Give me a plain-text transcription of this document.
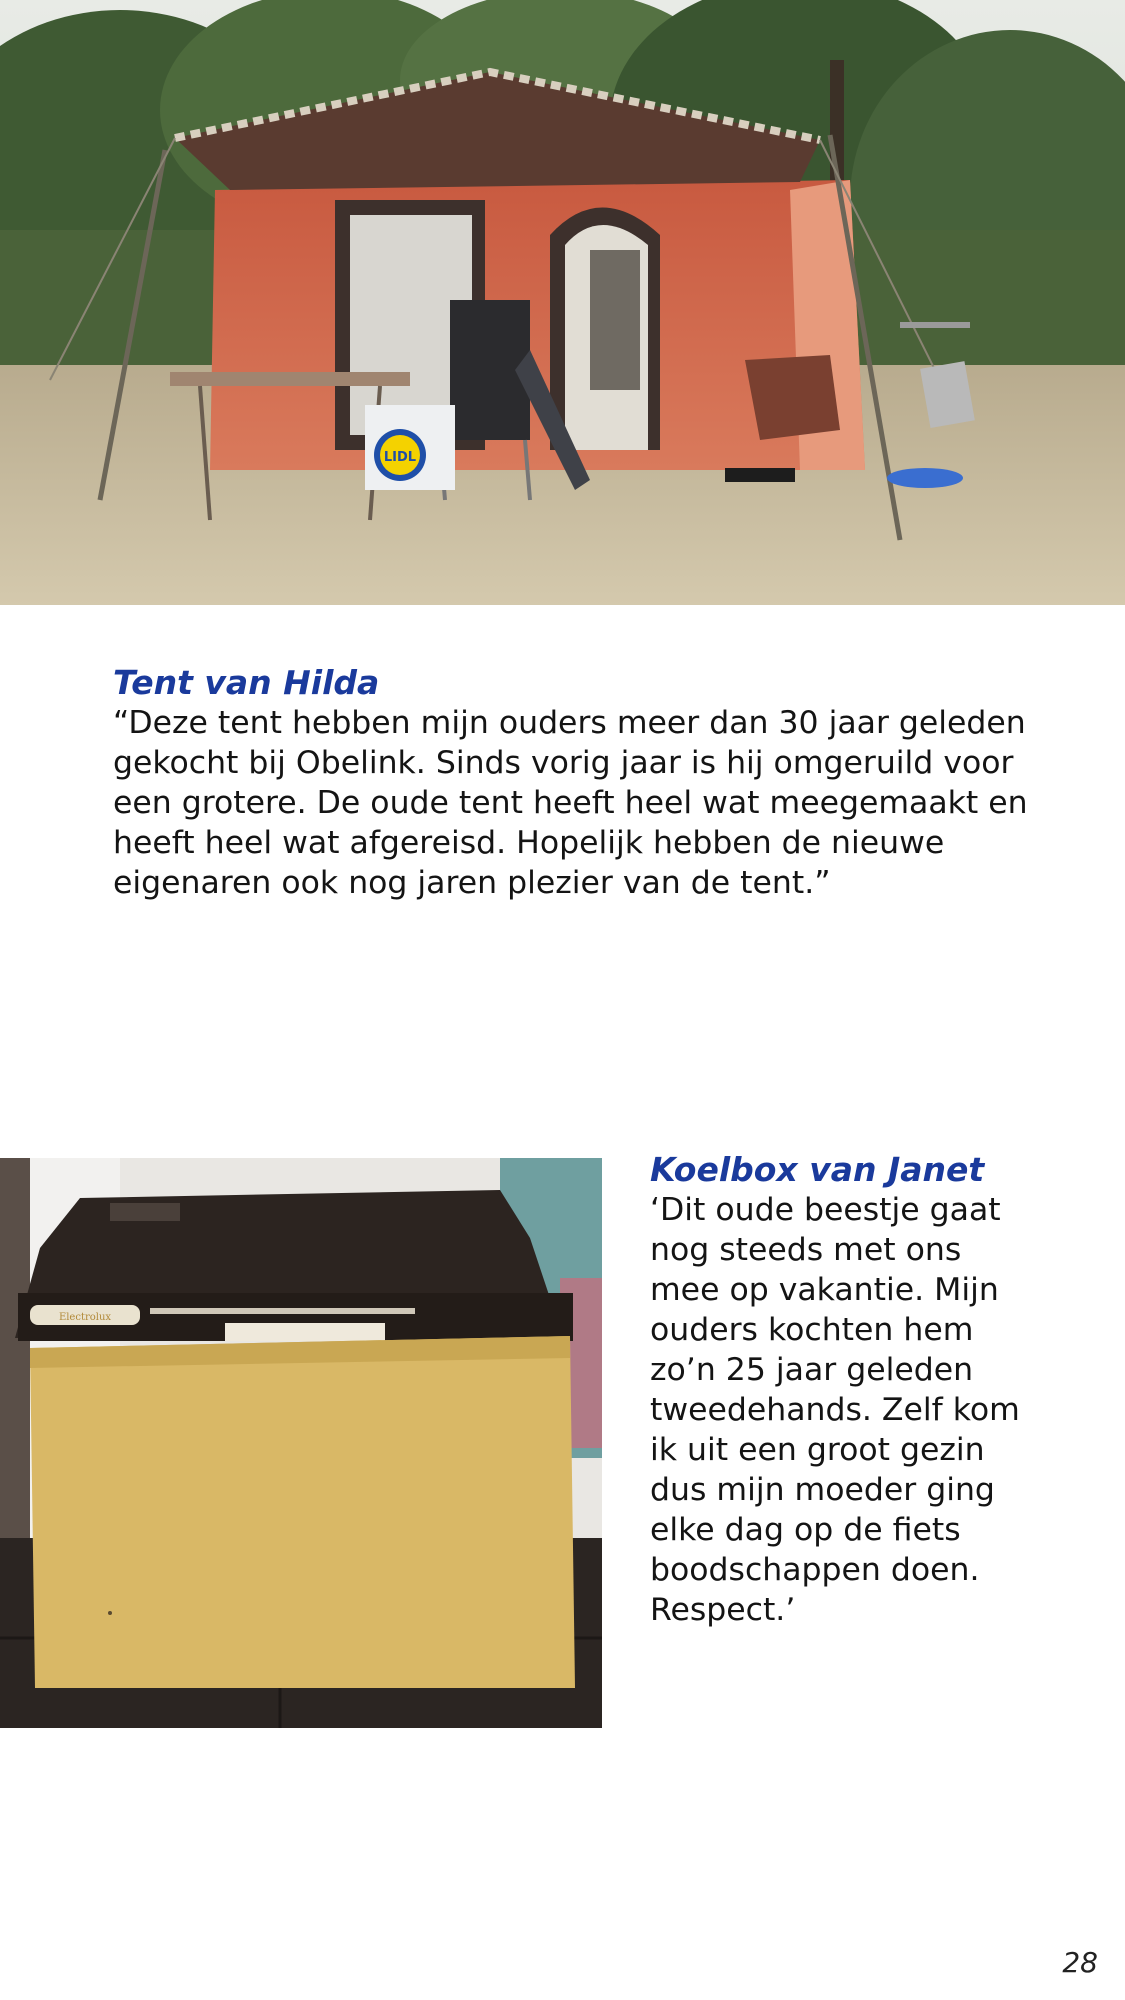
LIDL
Tent van Hilda
“Deze tent hebben mijn ouders meer dan 30 jaar geleden
gekocht bij Obelink. Sinds vorig jaar is hij omgeruild voor
een grotere. De oude tent heeft heel wat meegemaakt en
heeft heel wat afgereisd. Hopelijk hebben de nieuwe
eigenaren ook nog jaren plezier van de tent.”
Electrolux
Koelbox van Janet
‘Dit oude beestje gaat
nog steeds met ons
mee op vakantie. Mijn
ouders kochten hem
zo’n 25 jaar geleden
tweedehands. Zelf kom
ik uit een groot gezin
dus mijn moeder ging
elke dag op de fiets
boodschappen doen.
Respect.’
28
